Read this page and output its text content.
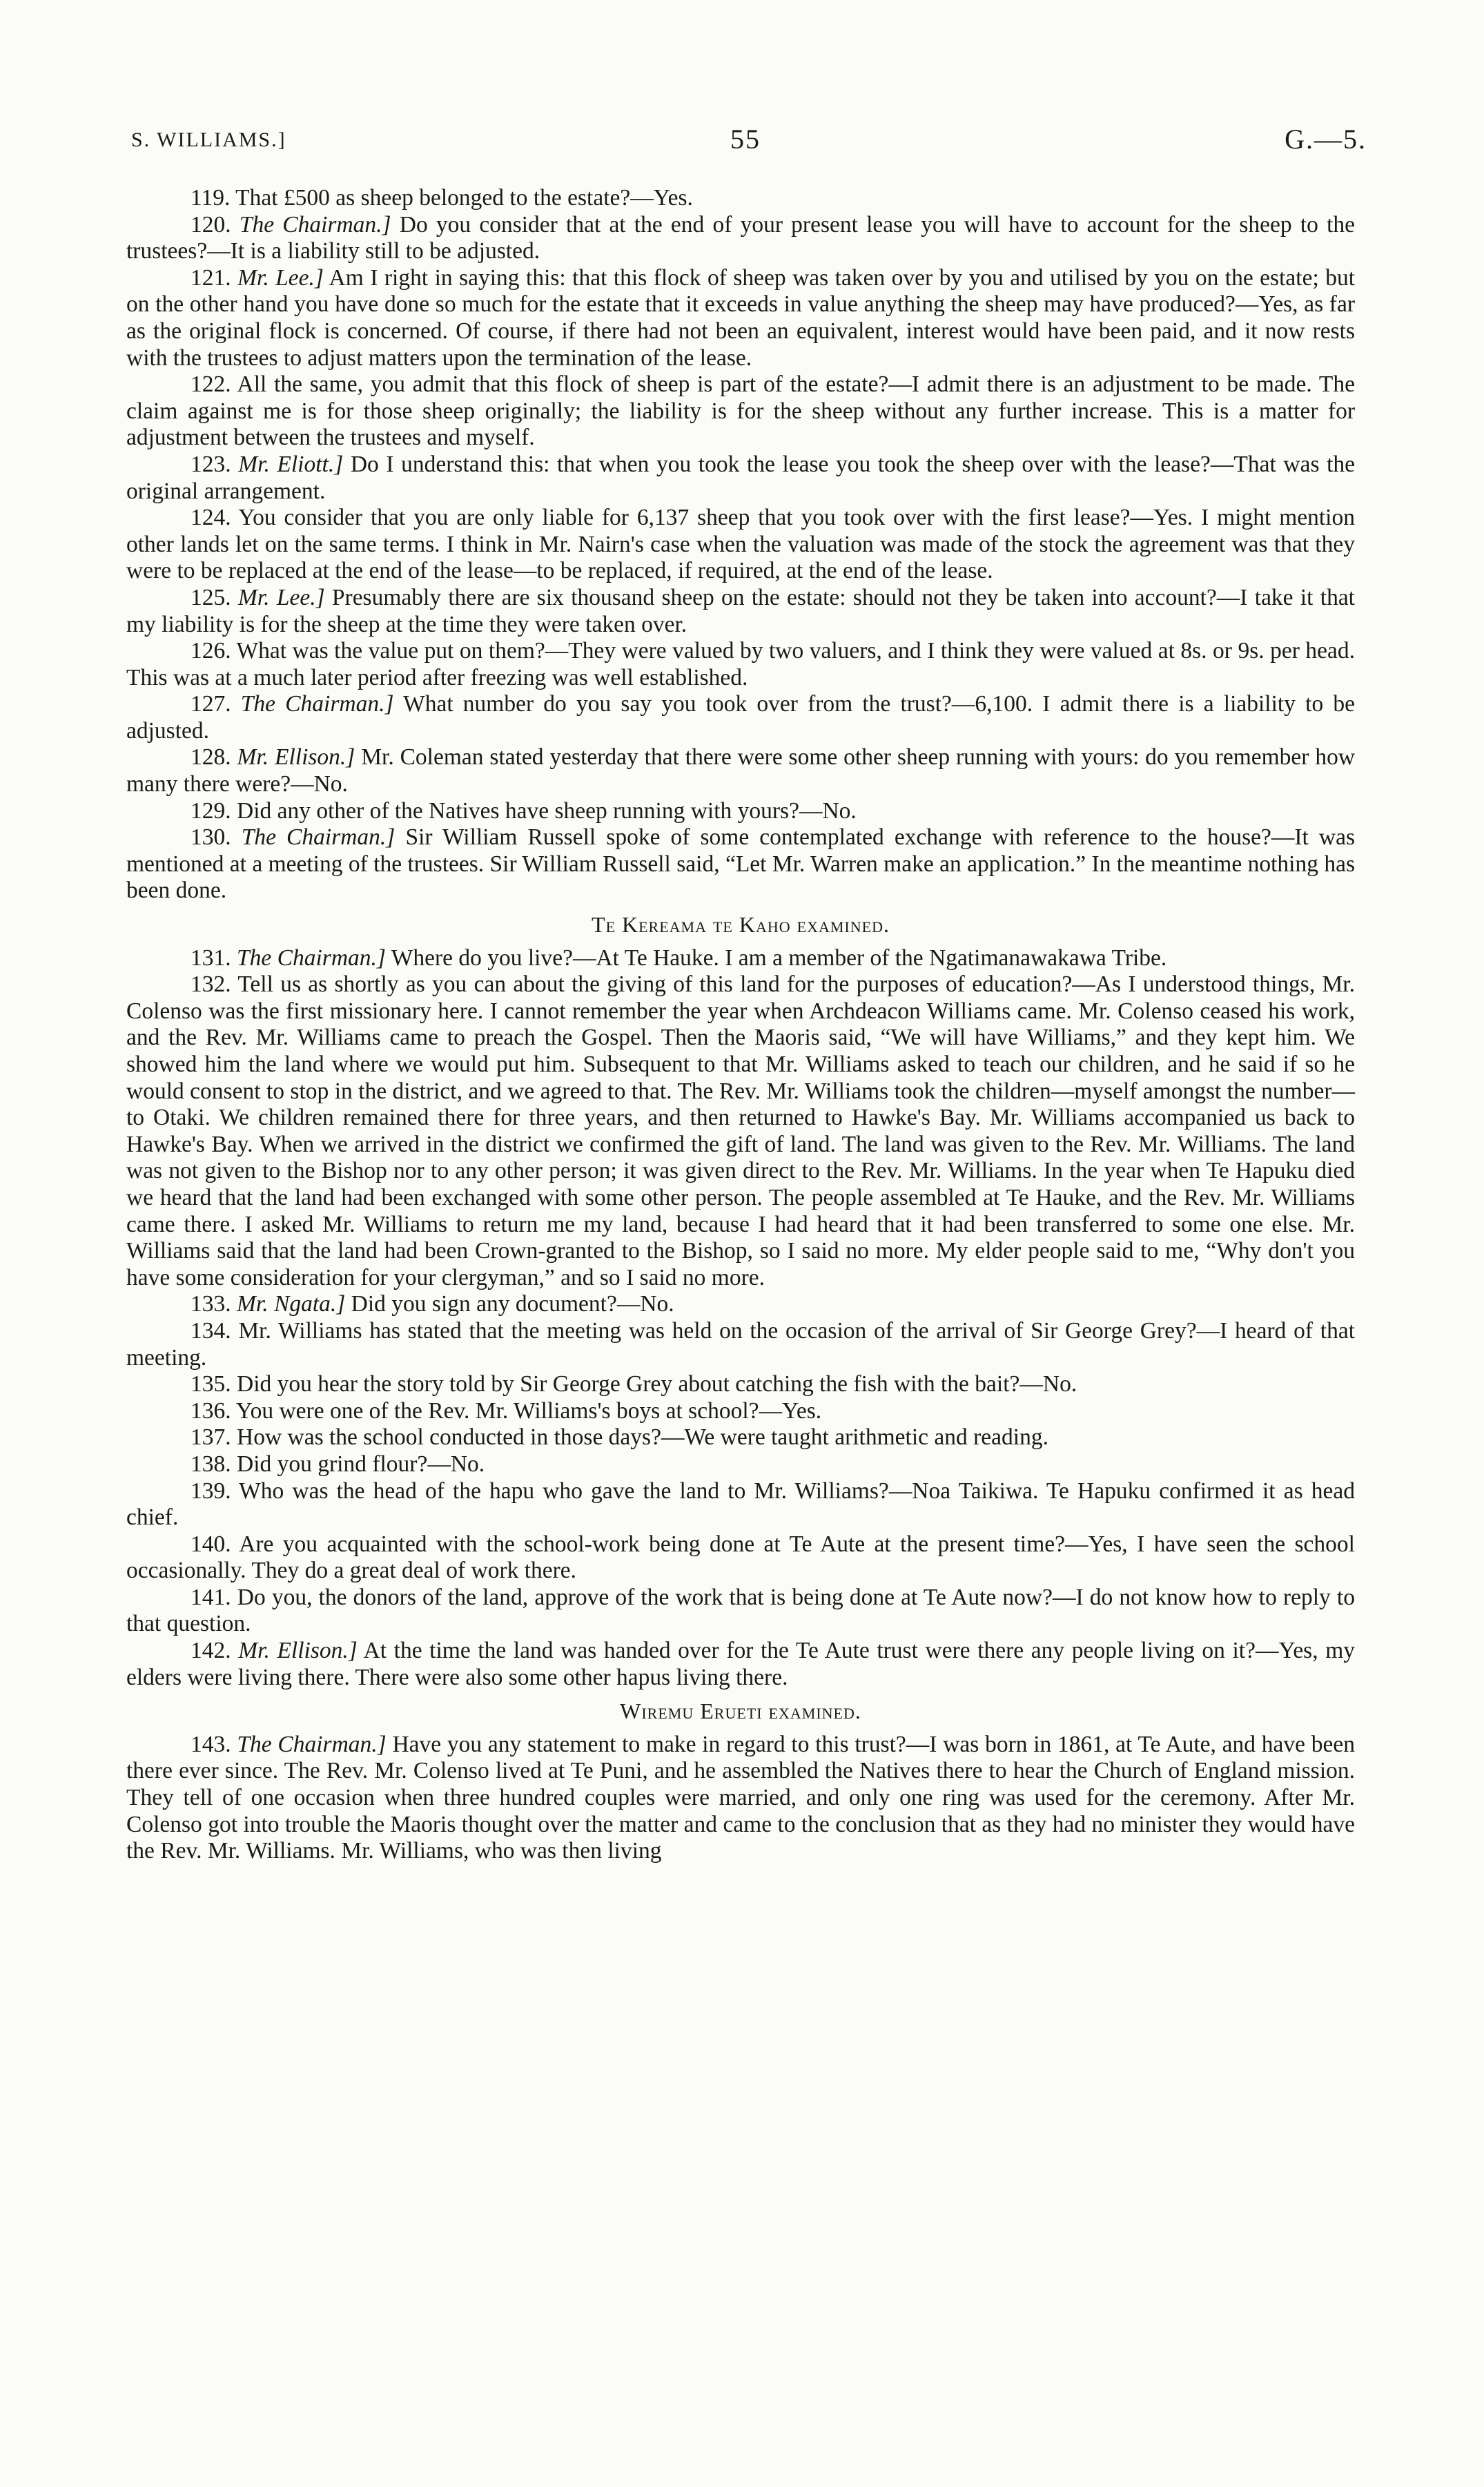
S. WILLIAMS.]	55	G.—5.

119. That £500 as sheep belonged to the estate?—Yes.

120. The Chairman.] Do you consider that at the end of your present lease you will have to account for the sheep to the trustees?—It is a liability still to be adjusted.

121. Mr. Lee.] Am I right in saying this: that this flock of sheep was taken over by you and utilised by you on the estate; but on the other hand you have done so much for the estate that it exceeds in value anything the sheep may have produced?—Yes, as far as the original flock is concerned. Of course, if there had not been an equivalent, interest would have been paid, and it now rests with the trustees to adjust matters upon the termination of the lease.

122. All the same, you admit that this flock of sheep is part of the estate?—I admit there is an adjustment to be made. The claim against me is for those sheep originally; the liability is for the sheep without any further increase. This is a matter for adjustment between the trustees and myself.

123. Mr. Eliott.] Do I understand this: that when you took the lease you took the sheep over with the lease?—That was the original arrangement.

124. You consider that you are only liable for 6,137 sheep that you took over with the first lease?—Yes. I might mention other lands let on the same terms. I think in Mr. Nairn's case when the valuation was made of the stock the agreement was that they were to be replaced at the end of the lease—to be replaced, if required, at the end of the lease.

125. Mr. Lee.] Presumably there are six thousand sheep on the estate: should not they be taken into account?—I take it that my liability is for the sheep at the time they were taken over.

126. What was the value put on them?—They were valued by two valuers, and I think they were valued at 8s. or 9s. per head. This was at a much later period after freezing was well established.

127. The Chairman.] What number do you say you took over from the trust?—6,100. I admit there is a liability to be adjusted.

128. Mr. Ellison.] Mr. Coleman stated yesterday that there were some other sheep running with yours: do you remember how many there were?—No.

129. Did any other of the Natives have sheep running with yours?—No.

130. The Chairman.] Sir William Russell spoke of some contemplated exchange with reference to the house?—It was mentioned at a meeting of the trustees. Sir William Russell said, “Let Mr. Warren make an application.” In the meantime nothing has been done.

Te Kereama te Kaho examined.

131. The Chairman.] Where do you live?—At Te Hauke. I am a member of the Ngatimanawakawa Tribe.

132. Tell us as shortly as you can about the giving of this land for the purposes of education?—As I understood things, Mr. Colenso was the first missionary here. I cannot remember the year when Archdeacon Williams came. Mr. Colenso ceased his work, and the Rev. Mr. Williams came to preach the Gospel. Then the Maoris said, “We will have Williams,” and they kept him. We showed him the land where we would put him. Subsequent to that Mr. Williams asked to teach our children, and he said if so he would consent to stop in the district, and we agreed to that. The Rev. Mr. Williams took the children—myself amongst the number—to Otaki. We children remained there for three years, and then returned to Hawke's Bay. Mr. Williams accompanied us back to Hawke's Bay. When we arrived in the district we confirmed the gift of land. The land was given to the Rev. Mr. Williams. The land was not given to the Bishop nor to any other person; it was given direct to the Rev. Mr. Williams. In the year when Te Hapuku died we heard that the land had been exchanged with some other person. The people assembled at Te Hauke, and the Rev. Mr. Williams came there. I asked Mr. Williams to return me my land, because I had heard that it had been transferred to some one else. Mr. Williams said that the land had been Crown-granted to the Bishop, so I said no more. My elder people said to me, “Why don't you have some consideration for your clergyman,” and so I said no more.

133. Mr. Ngata.] Did you sign any document?—No.

134. Mr. Williams has stated that the meeting was held on the occasion of the arrival of Sir George Grey?—I heard of that meeting.

135. Did you hear the story told by Sir George Grey about catching the fish with the bait?—No.

136. You were one of the Rev. Mr. Williams's boys at school?—Yes.

137. How was the school conducted in those days?—We were taught arithmetic and reading.

138. Did you grind flour?—No.

139. Who was the head of the hapu who gave the land to Mr. Williams?—Noa Taikiwa. Te Hapuku confirmed it as head chief.

140. Are you acquainted with the school-work being done at Te Aute at the present time?—Yes, I have seen the school occasionally. They do a great deal of work there.

141. Do you, the donors of the land, approve of the work that is being done at Te Aute now?—I do not know how to reply to that question.

142. Mr. Ellison.] At the time the land was handed over for the Te Aute trust were there any people living on it?—Yes, my elders were living there. There were also some other hapus living there.

Wiremu Erueti examined.

143. The Chairman.] Have you any statement to make in regard to this trust?—I was born in 1861, at Te Aute, and have been there ever since. The Rev. Mr. Colenso lived at Te Puni, and he assembled the Natives there to hear the Church of England mission. They tell of one occasion when three hundred couples were married, and only one ring was used for the ceremony. After Mr. Colenso got into trouble the Maoris thought over the matter and came to the conclusion that as they had no minister they would have the Rev. Mr. Williams. Mr. Williams, who was then living
